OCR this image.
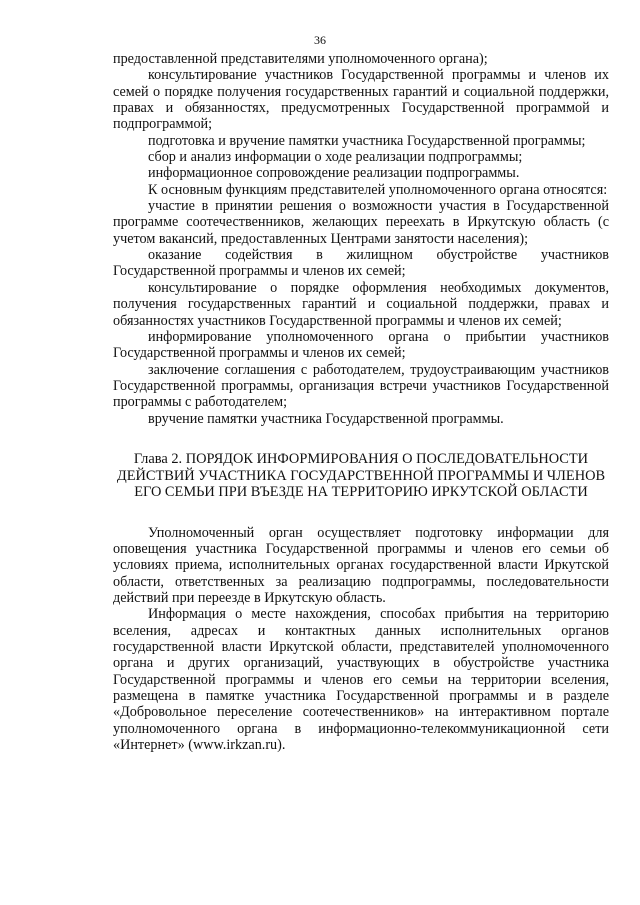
36

предоставленной представителями уполномоченного органа);

консультирование участников Государственной программы и членов их семей о порядке получения государственных гарантий и социальной поддержки, правах и обязанностях, предусмотренных Государственной программой и подпрограммой;

подготовка и вручение памятки участника Государственной программы;

сбор и анализ информации о ходе реализации подпрограммы;

информационное сопровождение реализации подпрограммы.

К основным функциям представителей уполномоченного органа относятся:

участие в принятии решения о возможности участия в Государственной программе соотечественников, желающих переехать в Иркутскую область (с учетом вакансий, предоставленных Центрами занятости населения);

оказание содействия в жилищном обустройстве участников Государственной программы и членов их семей;

консультирование о порядке оформления необходимых документов, получения государственных гарантий и социальной поддержки, правах и обязанностях участников Государственной программы и членов их семей;

информирование уполномоченного органа о прибытии участников Государственной программы и членов их семей;

заключение соглашения с работодателем, трудоустраивающим участников Государственной программы, организация встречи участников Государственной программы с работодателем;

вручение памятки участника Государственной программы.

Глава 2. ПОРЯДОК ИНФОРМИРОВАНИЯ О ПОСЛЕДОВАТЕЛЬНОСТИ ДЕЙСТВИЙ УЧАСТНИКА ГОСУДАРСТВЕННОЙ ПРОГРАММЫ И ЧЛЕНОВ ЕГО СЕМЬИ ПРИ ВЪЕЗДЕ НА ТЕРРИТОРИЮ ИРКУТСКОЙ ОБЛАСТИ

Уполномоченный орган осуществляет подготовку информации для оповещения участника Государственной программы и членов его семьи об условиях приема, исполнительных органах государственной власти Иркутской области, ответственных за реализацию подпрограммы, последовательности действий при переезде в Иркутскую область.

Информация о месте нахождения, способах прибытия на территорию вселения, адресах и контактных данных исполнительных органов государственной власти Иркутской области, представителей уполномоченного органа и других организаций, участвующих в обустройстве участника Государственной программы и членов его семьи на территории вселения, размещена в памятке участника Государственной программы и в разделе «Добровольное переселение соотечественников» на интерактивном портале уполномоченного органа в информационно-телекоммуникационной сети «Интернет» (www.irkzan.ru).
